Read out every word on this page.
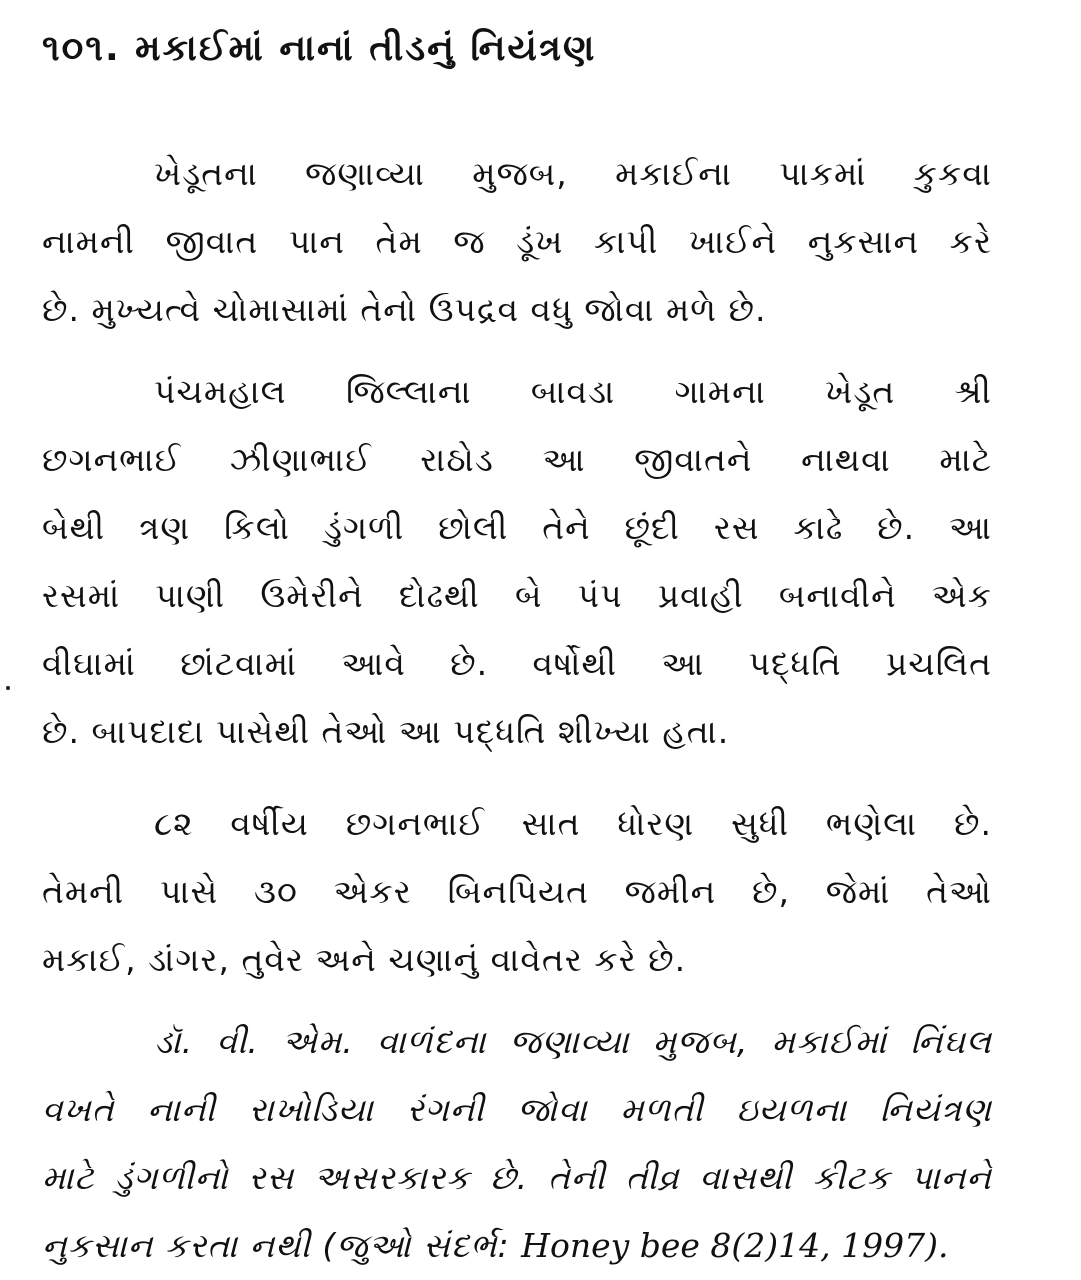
૧૦૧. મકાઈમાં નાનાં તીડનું નિયંત્રણ
ખેડૂતના જણાવ્યા મુજબ, મકાઈના પાકમાં કુકવા
નામની જીવાત પાન તેમ જ ડૂંખ કાપી ખાઈને નુકસાન કરે
છે. મુખ્યત્વે ચોમાસામાં તેનો ઉપદ્રવ વધુ જોવા મળે છે.
પંચમહાલ જિલ્લાના બાવડા ગામના ખેડૂત શ્રી
છગનભાઈ ઝીણાભાઈ રાઠોડ આ જીવાતને નાથવા માટે
બેથી ત્રણ કિલો ડુંગળી છોલી તેને છૂંદી રસ કાઢે છે. આ
રસમાં પાણી ઉમેરીને દોઢથી બે પંપ પ્રવાહી બનાવીને એક
વીઘામાં છાંટવામાં આવે છે. વર્ષોથી આ પદ્ધતિ પ્રચલિત
છે. બાપદાદા પાસેથી તેઓ આ પદ્ધતિ શીખ્યા હતા.
૮૨ વર્ષીય છગનભાઈ સાત ધોરણ સુધી ભણેલા છે.
તેમની પાસે ૩૦ એકર બિનપિયત જમીન છે, જેમાં તેઓ
મકાઈ, ડાંગર, તુવેર અને ચણાનું વાવેતર કરે છે.
ડૉ. વી. એમ. વાળંદના જણાવ્યા મુજબ, મકાઈમાં નિંઘલ
વખતે નાની રાખોડિયા રંગની જોવા મળતી ઇયળના નિયંત્રણ
માટે ડુંગળીનો રસ અસરકારક છે. તેની તીવ્ર વાસથી કીટક પાનને
નુકસાન કરતા નથી (જુઓ સંદર્ભ: Honey bee 8(2)14, 1997).
